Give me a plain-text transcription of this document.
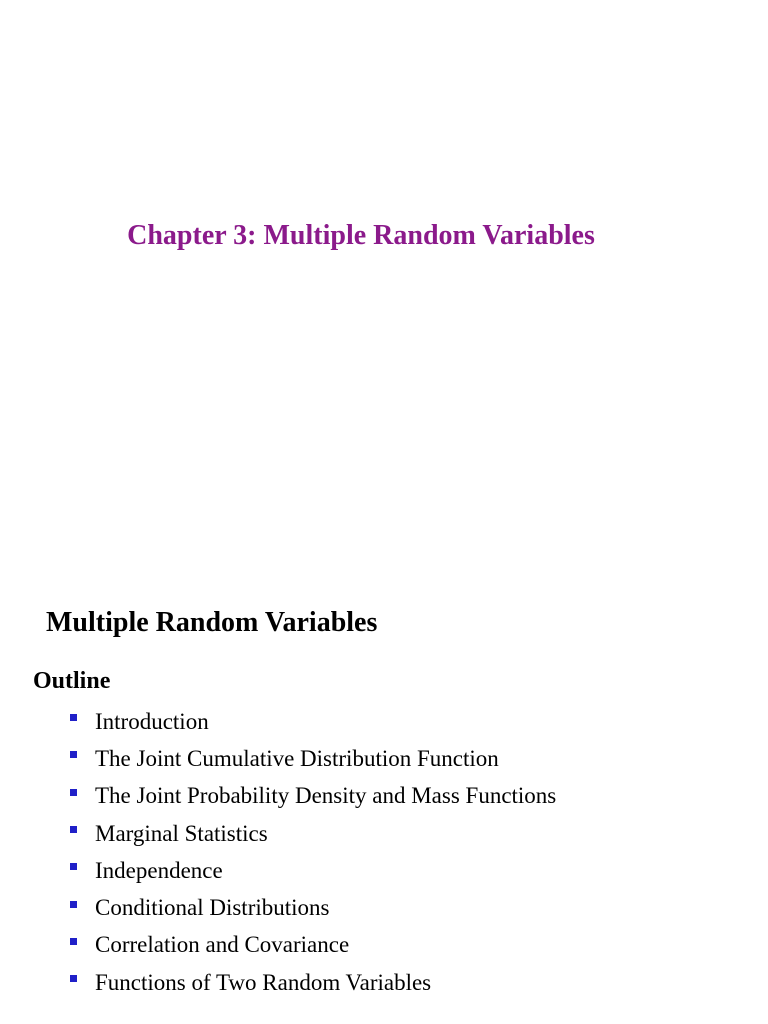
Chapter 3: Multiple Random Variables
Multiple Random Variables
Outline
Introduction
The Joint Cumulative Distribution Function
The Joint Probability Density and Mass Functions
Marginal Statistics
Independence
Conditional Distributions
Correlation and Covariance
Functions of Two Random Variables
